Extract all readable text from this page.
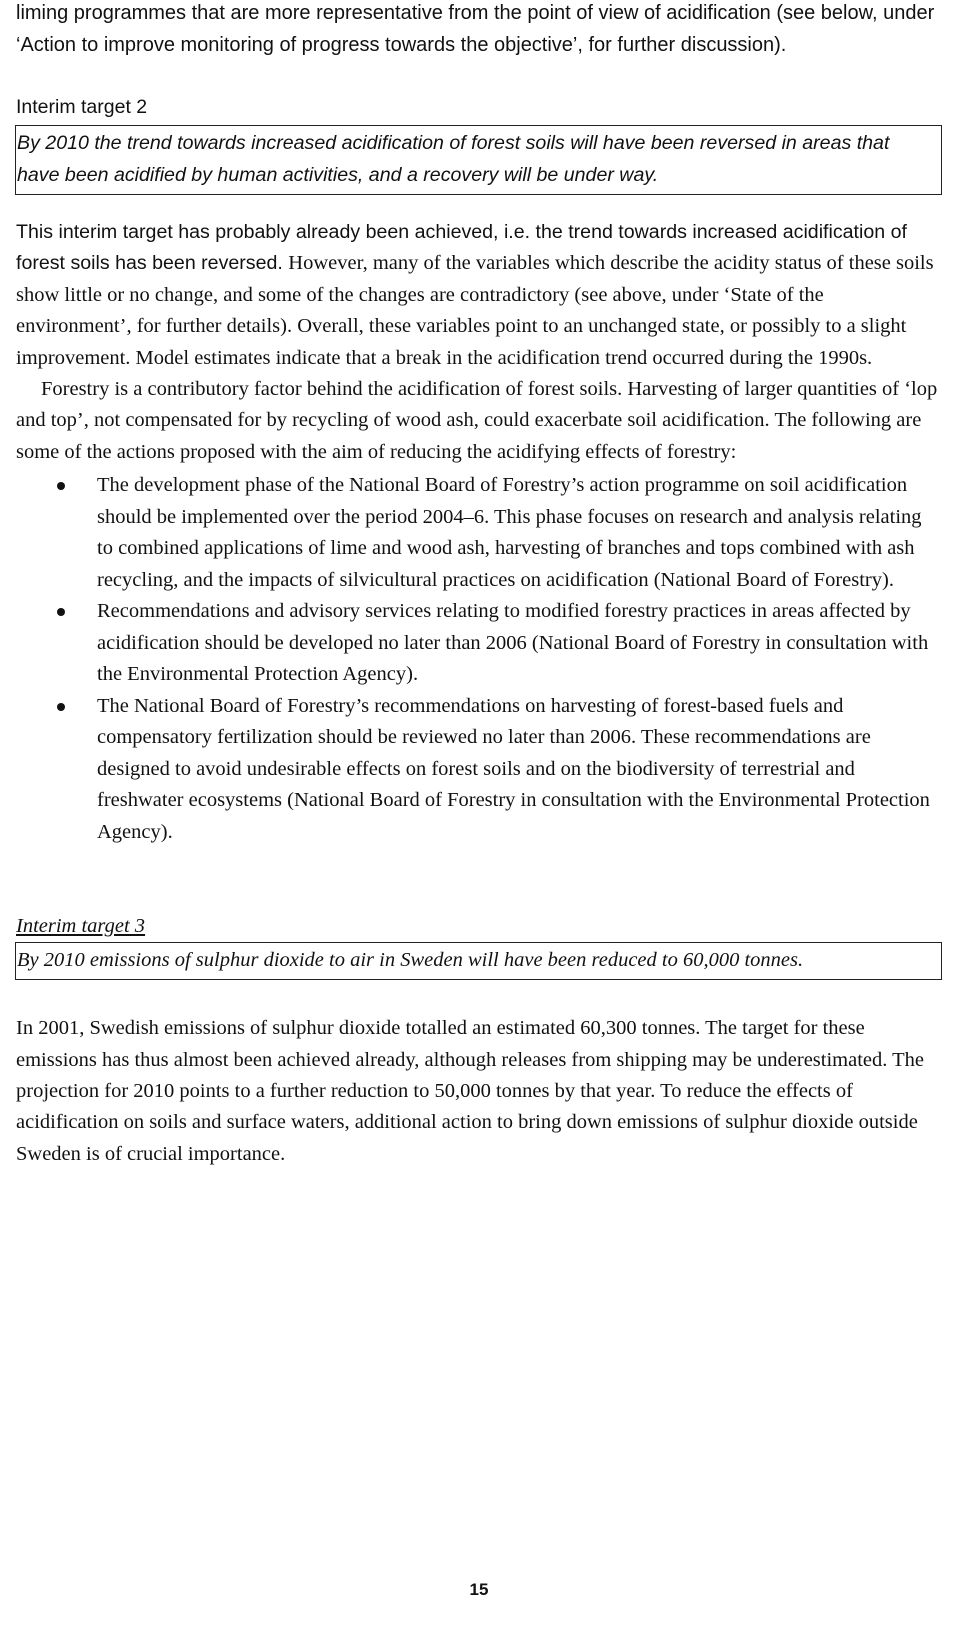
liming programmes that are more representative from the point of view of acidification (see below, under ‘Action to improve monitoring of progress towards the objective’, for further discussion).

Interim target 2

By 2010 the trend towards increased acidification of forest soils will have been reversed in areas that have been acidified by human activities, and a recovery will be under way.

This interim target has probably already been achieved, i.e. the trend towards increased acidification of forest soils has been reversed. However, many of the variables which describe the acidity status of these soils show little or no change, and some of the changes are contradictory (see above, under ‘State of the environment’, for further details). Overall, these variables point to an unchanged state, or possibly to a slight improvement. Model estimates indicate that a break in the acidification trend occurred during the 1990s.

Forestry is a contributory factor behind the acidification of forest soils. Harvesting of larger quantities of ‘lop and top’, not compensated for by recycling of wood ash, could exacerbate soil acidification. The following are some of the actions proposed with the aim of reducing the acidifying effects of forestry:

The development phase of the National Board of Forestry’s action programme on soil acidification should be implemented over the period 2004–6. This phase focuses on research and analysis relating to combined applications of lime and wood ash, harvesting of branches and tops combined with ash recycling, and the impacts of silvicultural practices on acidification (National Board of Forestry).
Recommendations and advisory services relating to modified forestry practices in areas affected by acidification should be developed no later than 2006 (National Board of Forestry in consultation with the Environmental Protection Agency).
The National Board of Forestry’s recommendations on harvesting of forest-based fuels and compensatory fertilization should be reviewed no later than 2006. These recommendations are designed to avoid undesirable effects on forest soils and on the biodiversity of terrestrial and freshwater ecosystems (National Board of Forestry in consultation with the Environmental Protection Agency).

Interim target 3

By 2010 emissions of sulphur dioxide to air in Sweden will have been reduced to 60,000 tonnes.

In 2001, Swedish emissions of sulphur dioxide totalled an estimated 60,300 tonnes. The target for these emissions has thus almost been achieved already, although releases from shipping may be underestimated. The projection for 2010 points to a further reduction to 50,000 tonnes by that year. To reduce the effects of acidification on soils and surface waters, additional action to bring down emissions of sulphur dioxide outside Sweden is of crucial importance.

15
